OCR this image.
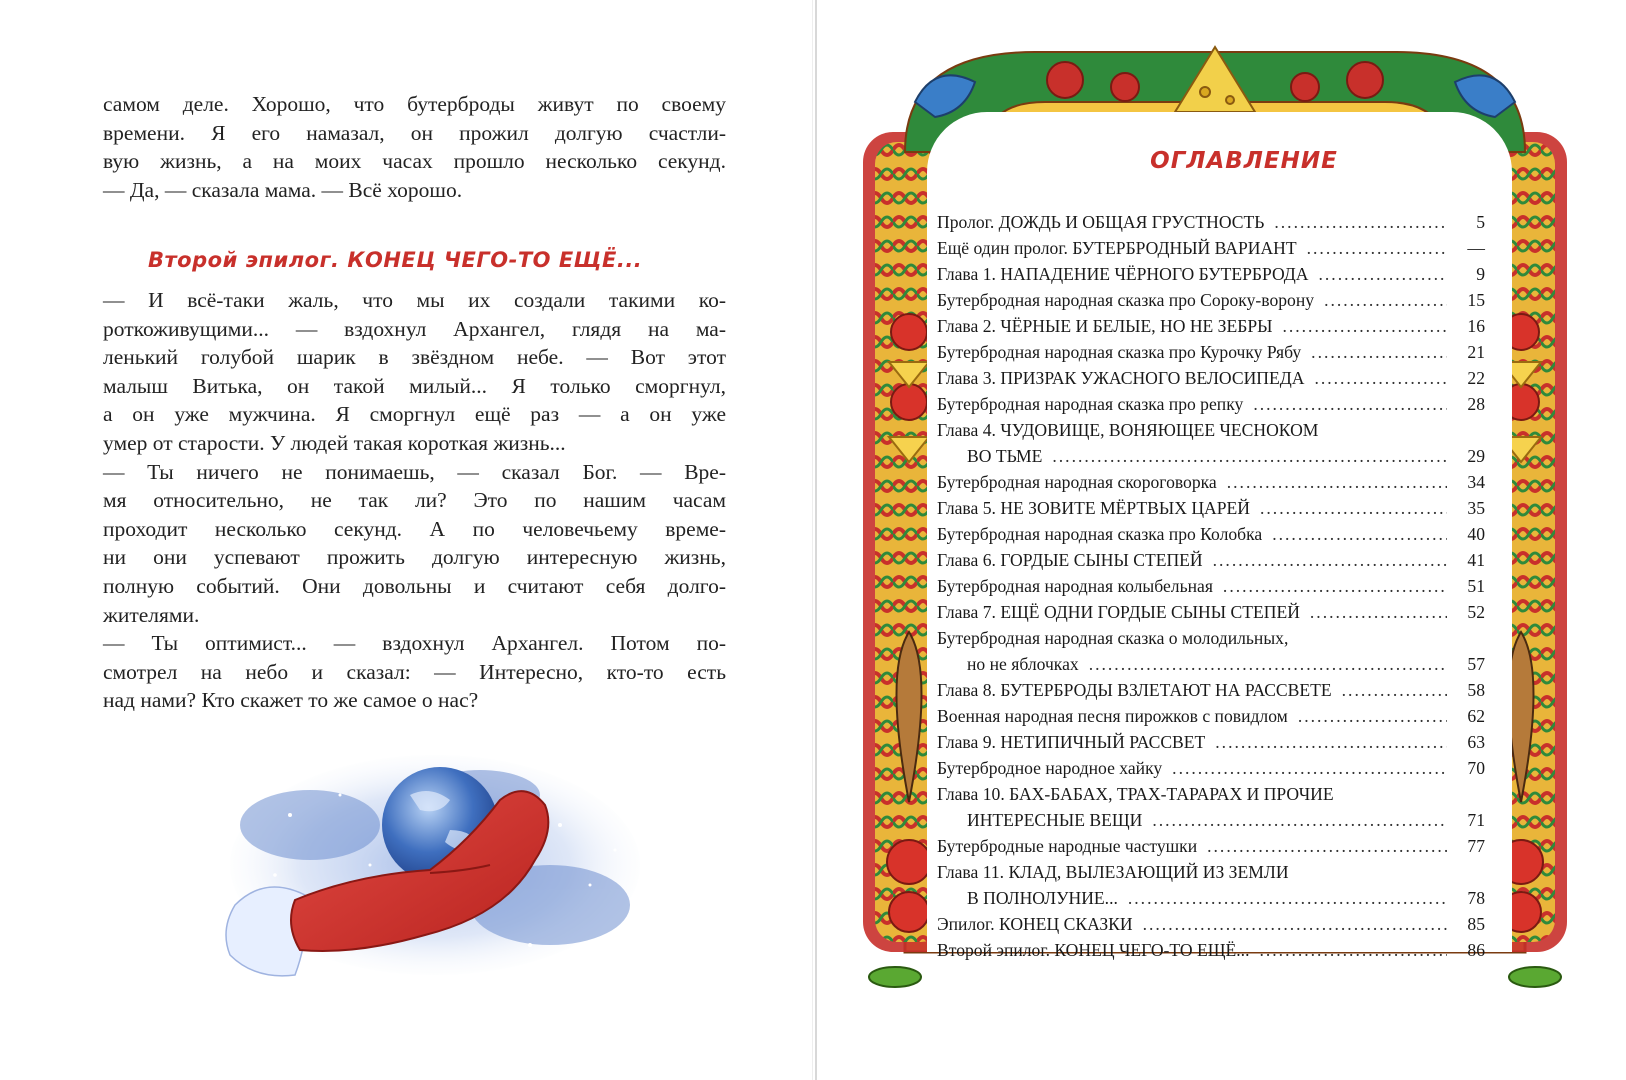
самом деле. Хорошо, что бутерброды живут по своему
времени. Я его намазал, он прожил долгую счастли-
вую жизнь, а на моих часах прошло несколько секунд.
— Да, — сказала мама. — Всё хорошо.
Второй эпилог. КОНЕЦ ЧЕГО-ТО ЕЩЁ...
— И всё-таки жаль, что мы их создали такими ко-
роткоживущими... — вздохнул Архангел, глядя на ма-
ленький голубой шарик в звёздном небе. — Вот этот
малыш Витька, он такой милый... Я только сморгнул,
а он уже мужчина. Я сморгнул ещё раз — а он уже
умер от старости. У людей такая короткая жизнь...
— Ты ничего не понимаешь, — сказал Бог. — Вре-
мя относительно, не так ли? Это по нашим часам
проходит несколько секунд. А по человечьему време-
ни они успевают прожить долгую интересную жизнь,
полную событий. Они довольны и считают себя долго-
жителями.
— Ты оптимист... — вздохнул Архангел. Потом по-
смотрел на небо и сказал: — Интересно, кто-то есть
над нами? Кто скажет то же самое о нас?
ОГЛАВЛЕНИЕ
Пролог. ДОЖДЬ И ОБЩАЯ ГРУСТНОСТЬ . . .	5
Ещё один пролог. БУТЕРБРОДНЫЙ ВАРИАНТ . . .	—
Глава 1. НАПАДЕНИЕ ЧЁРНОГО БУТЕРБРОДА . . .	9
Бутербродная народная сказка про Сороку-ворону . . .	15
Глава 2. ЧЁРНЫЕ И БЕЛЫЕ, НО НЕ ЗЕБРЫ . . .	16
Бутербродная народная сказка про Курочку Рябу . . .	21
Глава 3. ПРИЗРАК УЖАСНОГО ВЕЛОСИПЕДА . . .	22
Бутербродная народная сказка про репку . . .	28
Глава 4. ЧУДОВИЩЕ, ВОНЯЮЩЕЕ ЧЕСНОКОМ
ВО ТЬМЕ . . .	29
Бутербродная народная скороговорка . . .	34
Глава 5. НЕ ЗОВИТЕ МЁРТВЫХ ЦАРЕЙ . . .	35
Бутербродная народная сказка про Колобка . . .	40
Глава 6. ГОРДЫЕ СЫНЫ СТЕПЕЙ . . .	41
Бутербродная народная колыбельная . . .	51
Глава 7. ЕЩЁ ОДНИ ГОРДЫЕ СЫНЫ СТЕПЕЙ . . .	52
Бутербродная народная сказка о молодильных,
но не яблочках . . .	57
Глава 8. БУТЕРБРОДЫ ВЗЛЕТАЮТ НА РАССВЕТЕ . . .	58
Военная народная песня пирожков с повидлом . . .	62
Глава 9. НЕТИПИЧНЫЙ РАССВЕТ . . .	63
Бутербродное народное хайку . . .	70
Глава 10. БАХ-БАБАХ, ТРАХ-ТАРАРАХ И ПРОЧИЕ
ИНТЕРЕСНЫЕ ВЕЩИ . . .	71
Бутербродные народные частушки . . .	77
Глава 11. КЛАД, ВЫЛЕЗАЮЩИЙ ИЗ ЗЕМЛИ
В ПОЛНОЛУНИЕ... . . .	78
Эпилог. КОНЕЦ СКАЗКИ . . .	85
Второй эпилог. КОНЕЦ ЧЕГО-ТО ЕЩЁ... . . .	86
